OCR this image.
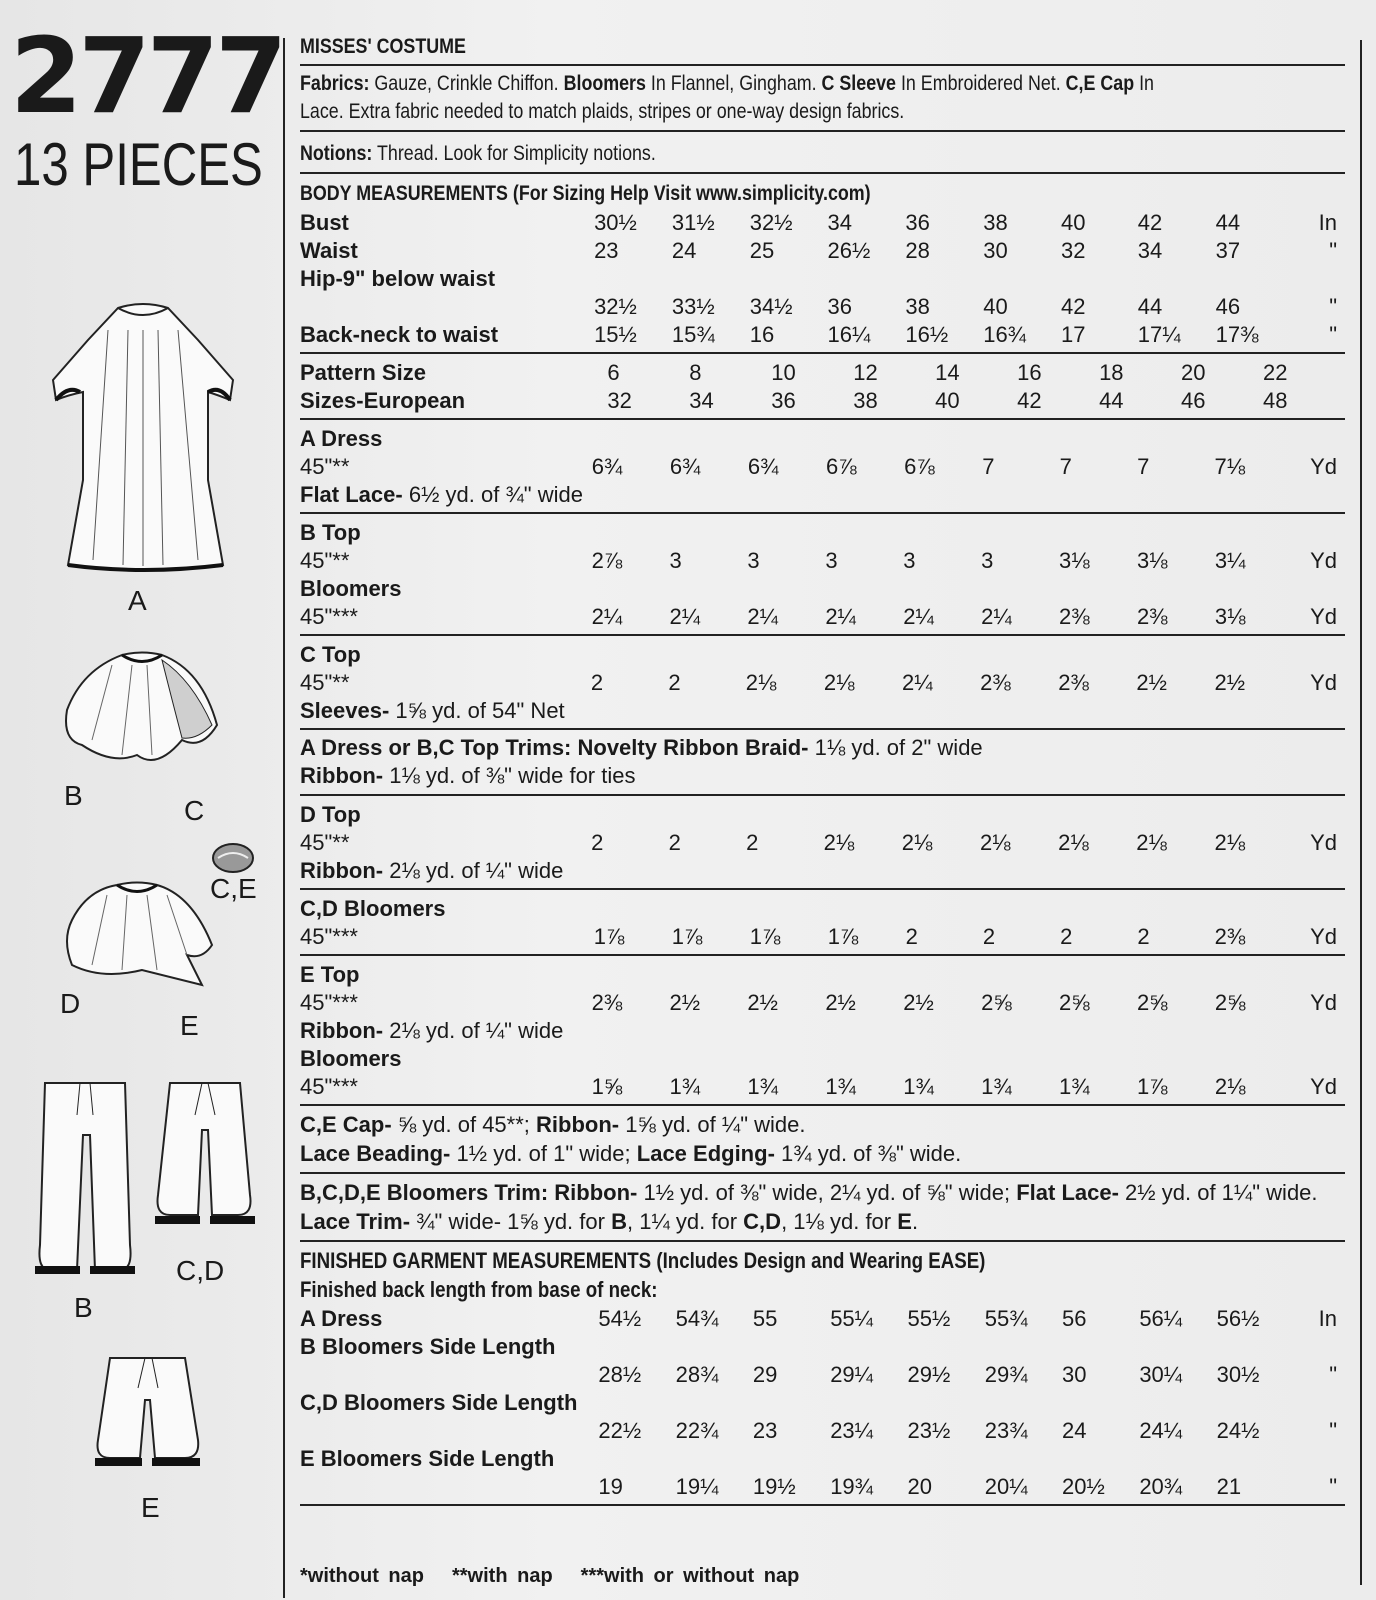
2777
13 PIECES
A
B	C
C,E
D
E
B
C,D
E
MISSES' COSTUME
Fabrics: Gauze, Crinkle Chiffon. Bloomers In Flannel, Gingham. C Sleeve In Embroidered Net. C,E Cap In
Lace. Extra fabric needed to match plaids, stripes or one-way design fabrics.
Notions: Thread. Look for Simplicity notions.
BODY MEASUREMENTS (For Sizing Help Visit www.simplicity.com)
Bust	30½	31½	32½	34	36	38	40	42	44	In
Waist	23	24	25	26½	28	30	32	34	37	"
Hip-9" below waist										
	32½	33½	34½	36	38	40	42	44	46	"
Back-neck to waist	15½	15¾	16	16¼	16½	16¾	17	17¼	17⅜	"
Pattern Size	6	8	10	12	14	16	18	20	22
Sizes-European	32	34	36	38	40	42	44	46	48
A Dress
45"**	6¾	6¾	6¾	6⅞	6⅞	7	7	7	7⅛	Yd
Flat Lace- 6½ yd. of ¾" wide
B Top										
45"**	2⅞	3	3	3	3	3	3⅛	3⅛	3¼	Yd
Bloomers										
45"***	2¼	2¼	2¼	2¼	2¼	2¼	2⅜	2⅜	3⅛	Yd
C Top
45"**	2	2	2⅛	2⅛	2¼	2⅜	2⅜	2½	2½	Yd
Sleeves- 1⅝ yd. of 54" Net
A Dress or B,C Top Trims: Novelty Ribbon Braid- 1⅛ yd. of 2" wide
Ribbon- 1⅛ yd. of ⅜" wide for ties
D Top
45"**	2	2	2	2⅛	2⅛	2⅛	2⅛	2⅛	2⅛	Yd
Ribbon- 2⅛ yd. of ¼" wide
C,D Bloomers
45"***	1⅞	1⅞	1⅞	1⅞	2	2	2	2	2⅜	Yd
E Top										
45"***	2⅜	2½	2½	2½	2½	2⅝	2⅝	2⅝	2⅝	Yd
Ribbon- 2⅛ yd. of ¼" wide										
Bloomers										
45"***	1⅝	1¾	1¾	1¾	1¾	1¾	1¾	1⅞	2⅛	Yd
C,E Cap- ⅝ yd. of 45**; Ribbon- 1⅝ yd. of ¼" wide.
Lace Beading- 1½ yd. of 1" wide; Lace Edging- 1¾ yd. of ⅜" wide.
B,C,D,E Bloomers Trim: Ribbon- 1½ yd. of ⅜" wide, 2¼ yd. of ⅝" wide; Flat Lace- 2½ yd. of 1¼" wide.
Lace Trim- ¾" wide- 1⅝ yd. for B, 1¼ yd. for C,D, 1⅛ yd. for E.
FINISHED GARMENT MEASUREMENTS (Includes Design and Wearing EASE)
Finished back length from base of neck:
A Dress	54½	54¾	55	55¼	55½	55¾	56	56¼	56½	In
B Bloomers Side Length										
	28½	28¾	29	29¼	29½	29¾	30	30¼	30½	"
C,D Bloomers Side Length										
	22½	22¾	23	23¼	23½	23¾	24	24¼	24½	"
E Bloomers Side Length										
	19	19¼	19½	19¾	20	20¼	20½	20¾	21	"
*without nap **with nap ***with or without nap
